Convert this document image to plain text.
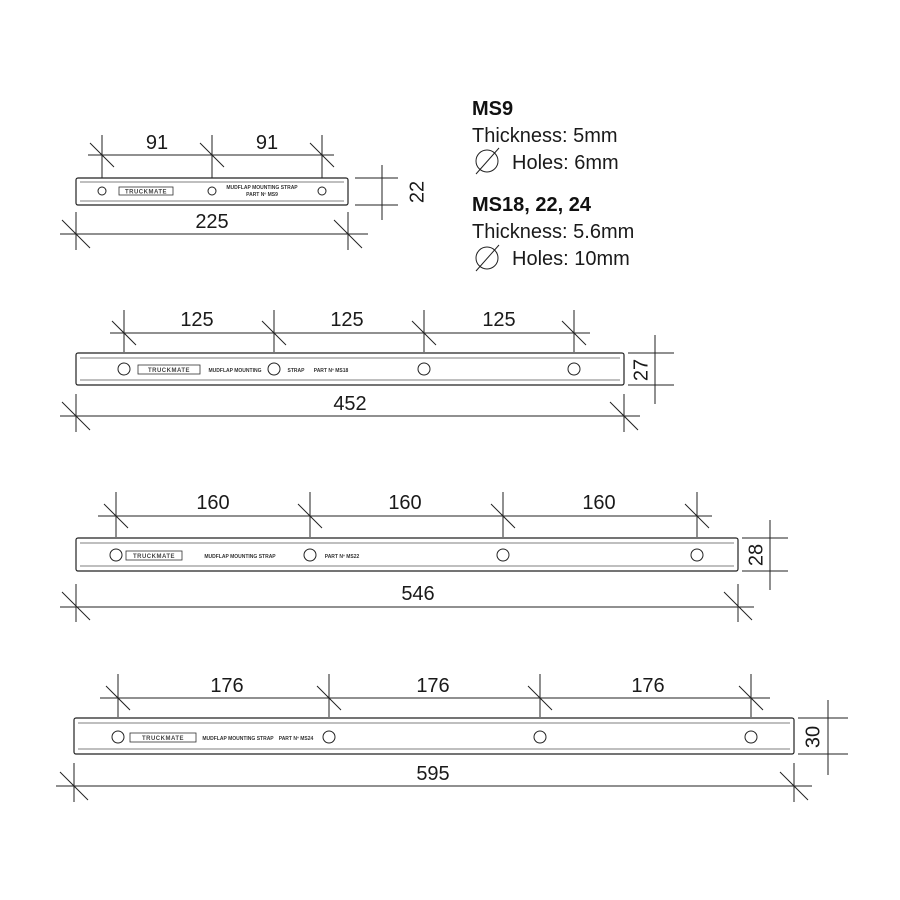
MS9
Thickness: 5mm
Holes: 6mm
MS18, 22, 24
Thickness: 5.6mm
Holes: 10mm
91	91
TRUCKMATE
MUDFLAP MOUNTING STRAP
PART Nº MS9	22
225
125	125	125
TRUCKMATE	MUDFLAP MOUNTING	STRAP PART Nº MS18	27
452
160	160	160
TRUCKMATE	MUDFLAP MOUNTING STRAP	PART Nº MS22	28
546
176	176	176
TRUCKMATE	MUDFLAP MOUNTING STRAP PART Nº MS24	30
595
